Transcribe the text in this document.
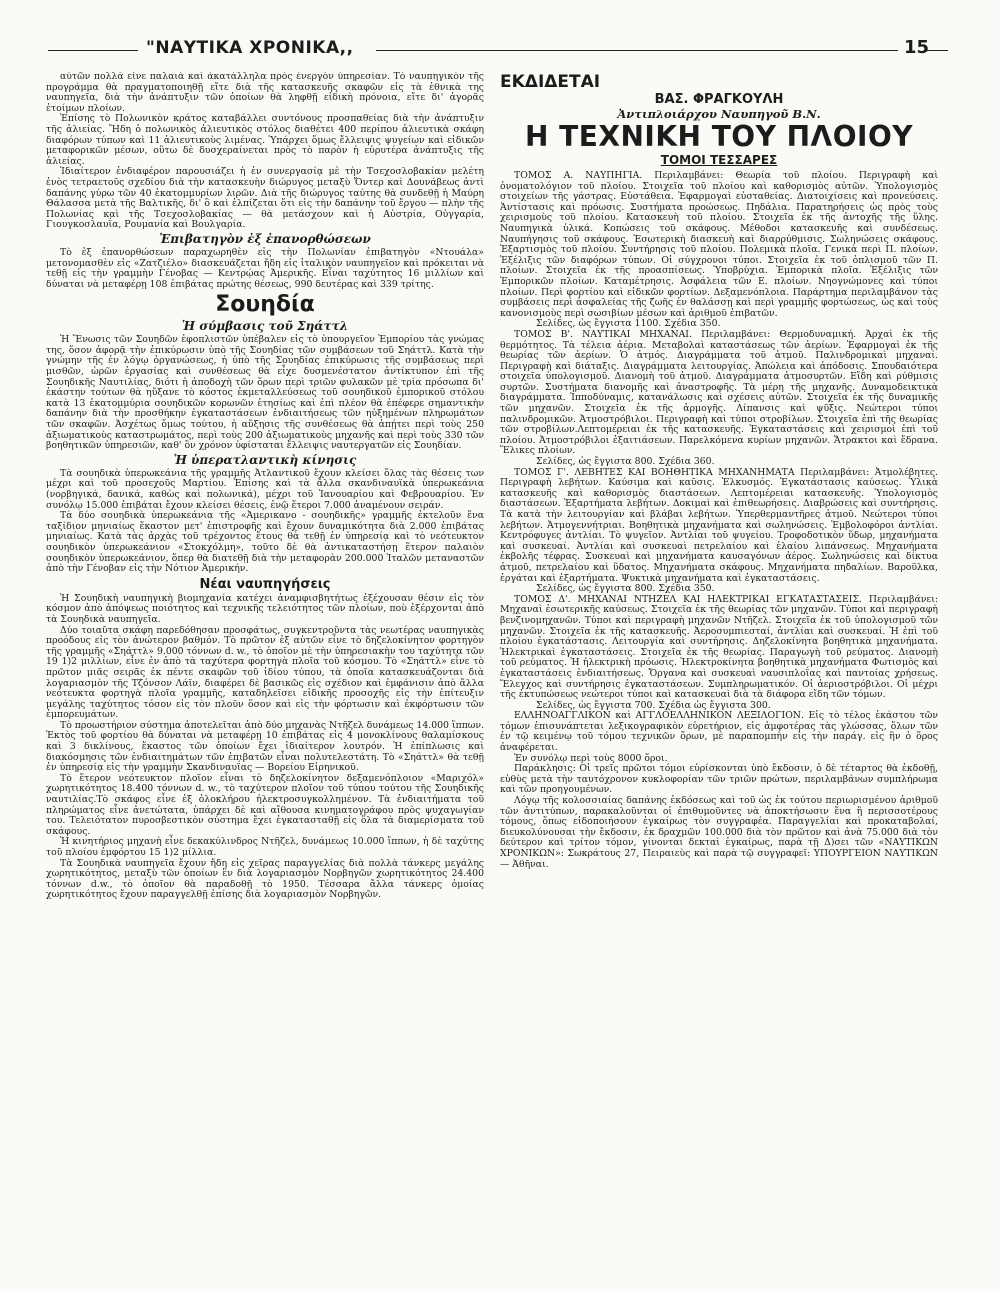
"ΝΑΥΤΙΚΑ ΧΡΟΝΙΚΑ,,	15

αὐτῶν πολλὰ εἶνε παλαιὰ καὶ ἀκατάλληλα πρὸς ἐνεργὸν ὑπηρεσίαν. Τὸ ναυπηγικὸν τῆς προγράμμα θὰ πραγματοποιηθῇ εἴτε διὰ τῆς κατασκευῆς σκαφῶν εἰς τὰ ἐθνικὰ της ναυπηγεῖα, διὰ τὴν ἀνάπτυξιν τῶν ὁποίων θὰ ληφθῇ εἰδικὴ πρόνοια, εἴτε δι' ἀγορᾶς ἑτοίμων πλοίων.

Ἐπίσης τὸ Πολωνικὸν κράτος καταβάλλει συντόνους προσπαθείας διὰ τὴν ἀνάπτυξιν τῆς ἁλιείας. Ἤδη ὁ πολωνικὸς ἁλιευτικὸς στόλος διαθέτει 400 περίπου ἁλιευτικὰ σκάφη διαφόρων τύπων καὶ 11 ἁλιευτικοὺς λιμένας. Ὑπάρχει ὅμως ἔλλειψις ψυγείων καὶ εἰδικῶν μεταφορικῶν μέσων, οὕτω δὲ δυσχεραίνεται πρὸς τὸ παρὸν ἡ εὐρυτέρα ἀνάπτυξις τῆς ἁλιείας.

Ἰδιαίτερον ἐνδιαφέρον παρουσιάζει ἡ ἐν συνεργασίᾳ μὲ τὴν Τσεχοσλοβακίαν μελέτη ἑνὸς τετραετοῦς σχεδίου διὰ τὴν κατασκευὴν διώρυγος μεταξὺ Ὄντερ καὶ Δουνάβεως ἀντὶ δαπάνης γύρω τῶν 40 ἑκατομμυρίων λιρῶν. Διὰ τῆς διώρυγος ταύτης θὰ συνδεθῇ ἡ Μαύρη Θάλασσα μετὰ τῆς Βαλτικῆς, δι' ὃ καὶ ἐλπίζεται ὅτι εἰς τὴν δαπάνην τοῦ ἔργου — πλὴν τῆς Πολωνίας καὶ τῆς Τσεχοσλοβακίας — θὰ μετάσχουν καὶ ἡ Αὐστρία, Οὐγγαρία, Γιουγκοσλαυΐα, Ρουμανία καὶ Βουλγαρία.

Ἐπιβατηγὸν ἐξ ἐπανορθώσεων

Τὸ ἐξ ἐπανορθώσεων παραχωρηθὲν εἰς τὴν Πολωνίαν ἐπιβατηγὸν «Ντουάλα» μετονομασθὲν εἰς «Ζατζιέλο» διασκευάζεται ἤδη εἰς ἰταλικὸν ναυπηγεῖον καὶ πρόκειται νὰ τεθῇ εἰς τὴν γραμμὴν Γένοβας — Κεντρῴας Ἀμερικῆς. Εἶναι ταχύτητος 16 μιλλίων καὶ δύναται νὰ μεταφέρῃ 108 ἐπιβάτας πρώτης θέσεως, 990 δευτέρας καὶ 339 τρίτης.

Σουηδία
Ἡ σύμβασις τοῦ Σηάττλ

Ἡ Ἕνωσις τῶν Σουηδῶν ἐφοπλιστῶν ὑπέβαλεν εἰς τὸ ὑπουργεῖον Ἐμπορίου τὰς γνώμας της, ὅσον ἀφορᾷ τὴν ἐπικύρωσιν ὑπὸ τῆς Σουηδίας τῶν συμβάσεων τοῦ Σηάττλ. Κατὰ τὴν γνώμην τῆς ἐν λόγῳ ὀργανώσεως, ἡ ὑπὸ τῆς Σουηδίας ἐπικύρωσις τῆς συμβάσεως περὶ μισθῶν, ὡρῶν ἐργασίας καὶ συνθέσεως θὰ εἶχε δυσμενέστατον ἀντίκτυπον ἐπὶ τῆς Σουηδικῆς Ναυτιλίας, διότι ἡ ἀποδοχὴ τῶν ὅρων περὶ τριῶν φυλακῶν μὲ τρία πρόσωπα δι' ἑκάστην τούτων θὰ ηὔξανε τὸ κόστος ἐκμεταλλεύσεως τοῦ σουηδικοῦ ἐμπορικοῦ στόλου κατὰ 13 ἑκατομμύρια σουηδικῶν κορωνῶν ἐτησίως καὶ ἐπὶ πλέον θὰ ἐπέφερε σημαντικὴν δαπάνην διὰ τὴν προσθήκην ἐγκαταστάσεων ἐνδιαιτήσεως τῶν ηὐξημένων πληρωμάτων τῶν σκαφῶν. Ἀσχέτως ὅμως τούτου, ἡ αὔξησις τῆς συνθέσεως θὰ ἀπῄτει περὶ τοὺς 250 ἀξιωματικοὺς καταστρωμάτος, περὶ τοὺς 200 ἀξιωματικοὺς μηχανῆς καὶ περὶ τοὺς 330 τῶν βοηθητικῶν ὑπηρεσιῶν, καθ' ὃν χρόνον ὑφίσταται ἔλλειψις ναυτεργατῶν εἰς Σουηδίαν.

Ἡ ὑπερατλαντικὴ κίνησις

Τὰ σουηδικὰ ὑπερωκεάνια τῆς γραμμῆς Ἀτλαντικοῦ ἔχουν κλείσει ὅλας τὰς θέσεις των μέχρι καὶ τοῦ προσεχοῦς Μαρτίου. Ἐπίσης καὶ τὰ ἄλλα σκανδιναυϊκὰ ὑπερωκεάνια (νορβηγικά, δανικά, καθὼς καὶ πολωνικά), μέχρι τοῦ Ἰανουαρίου καὶ Φεβρουαρίου. Ἐν συνόλῳ 15.000 ἐπιβάται ἔχουν κλείσει θέσεις, ἐνῷ ἕτεροι 7.000 ἀναμένουν σειράν.

Τὰ δύο σουηδικὰ ὑπερωκεάνια τῆς «Ἀμερικανο - σουηδικῆς» γραμμῆς ἐκτελοῦν ἕνα ταξίδιον μηνιαίως ἕκαστον μετ' ἐπιστροφῆς καὶ ἔχουν δυναμικότητα διὰ 2.000 ἐπιβάτας μηνιαίως. Κατὰ τὰς ἀρχὰς τοῦ τρέχοντος ἔτους θὰ τεθῇ ἐν ὑπηρεσίᾳ καὶ τὸ νεότευκτον σουηδικὸν ὑπερωκεάνιον «Στοκχόλμη», τοῦτο δὲ θὰ ἀντικαταστήσῃ ἕτερον παλαιὸν σουηδικὸν ὑπερωκεάνιον, ὅπερ θὰ διατεθῇ διὰ τὴν μεταφορὰν 200.000 Ἰταλῶν μεταναστῶν ἀπὸ τὴν Γένοβαν εἰς τὴν Νότιον Ἀμερικήν.

Νέαι ναυπηγήσεις

Ἡ Σουηδικὴ ναυπηγικὴ βιομηχανία κατέχει ἀναμφισβητήτως ἐξέχουσαν θέσιν εἰς τὸν κόσμον ἀπὸ ἀπόψεως ποιότητος καὶ τεχνικῆς τελειότητος τῶν πλοίων, ποὺ ἐξέρχονται ἀπὸ τὰ Σουηδικὰ ναυπηγεῖα.

Δύο τοιαῦτα σκάφη παρεδόθησαν προσφάτως, συγκεντροῦντα τὰς νεωτέρας ναυπηγικὰς προόδους εἰς τὸν ἀνώτερον βαθμόν. Τὸ πρῶτον ἐξ αὐτῶν εἶνε τὸ δηζελοκίνητον φορτηγὸν τῆς γραμμῆς «Σηάττλ» 9.000 τόννων d. w., τὸ ὁποῖον μὲ τὴν ὑπηρεσιακὴν του ταχύτητα τῶν 19 1)2 μιλλίων, εἶνε ἐν ἀπὸ τὰ ταχύτερα φορτηγὰ πλοῖα τοῦ κόσμου. Τὸ «Σηάττλ» εἶνε τὸ πρῶτον μιᾶς σειρᾶς ἐκ πέντε σκαφῶν τοῦ ἰδίου τύπου, τὰ ὁποῖα κατασκευάζονται διὰ λογαριασμὸν τῆς Τζόνσον Λάϊν, διαφέρει δὲ βασικῶς εἰς σχέδιον καὶ ἐμφάνισιν ἀπὸ ἄλλα νεότευκτα φορτηγὰ πλοῖα γραμμῆς, καταδηλεῖσει εἰδικῆς προσοχῆς εἰς τὴν ἐπίτευξιν μεγάλης ταχύτητος τόσον εἰς τὸν πλοῦν ὅσον καὶ εἰς τὴν φόρτωσιν καὶ ἐκφόρτωσιν τῶν ἐμπορευμάτων.

Τὸ προωστήριον σύστημα ἀποτελεῖται ἀπὸ δύο μηχανὰς Ντῆζελ δυνάμεως 14.000 ἵππων. Ἐκτὸς τοῦ φορτίου θὰ δύναται νὰ μεταφέρῃ 10 ἐπιβάτας εἰς 4 μονοκλίνους θαλαμίσκους καὶ 3 δικλίνους, ἕκαστος τῶν ὁποίων ἔχει ἰδιαίτερον λουτρόν. Ἡ ἐπίπλωσις καὶ διακόσμησις τῶν ἐνδιαιτημάτων τῶν ἐπιβατῶν εἶναι πολυτελεστάτη. Τὸ «Σηάττλ» θὰ τεθῇ ἐν ὑπηρεσίᾳ εἰς τὴν γραμμὴν Σκανδιναυΐας — Βορείου Εἰρηνικοῦ.

Τὸ ἕτερον νεότευκτον πλοῖον εἶναι τὸ δηζελοκίνητον δεξαμενόπλοιον «Μαριχόλ» χωρητικότητος 18.400 τόννων d. w., τὸ ταχύτερον πλοῖον τοῦ τύπου τούτου τῆς Σουηδικῆς ναυτιλίας.Τὸ σκάφος εἶνε ἐξ ὁλοκλήρου ἠλεκτροσυγκολλημένον. Τὰ ἐνδιαιτήματα τοῦ πληρώματος εἶνε ἀνετώτατα, ὑπάρχει δὲ καὶ αἴθουσα κινηματογράφου πρὸς ψυχαγωγίαν του. Τελειότατον πυροσβεστικὸν σύστημα ἔχει ἐγκατασταθῇ εἰς ὅλα τὰ διαμερίσματα τοῦ σκάφους.

Ἡ κινητήριος μηχανὴ εἶνε δεκακύλινδρος Ντῆζελ, δυνάμεως 10.000 ἵππων, ἡ δὲ ταχύτης τοῦ πλοίου ἐμφόρτου 15 1)2 μίλλια.

Τὰ Σουηδικὰ ναυπηγεῖα ἔχουν ἤδη εἰς χεῖρας παραγγελίας διὰ πολλὰ τάνκερς μεγάλης χωρητικότητος, μεταξὺ τῶν ὁποίων ἓν διὰ λογαριασμὸν Νορβηγῶν χωρητικότητος 24.400 τόννων d.w., τὸ ὁποῖον θὰ παραδοθῇ τὸ 1950. Τέσσαρα ἄλλα τάνκερς ὁμοίας χωρητικότητος ἔχουν παραγγελθῇ ἐπίσης διὰ λογαριασμὸν Νορβηγῶν.

ΕΚΔΙΔΕΤΑΙ
ΒΑΣ. ΦΡΑΓΚΟΥΛΗ
Ἀντιπλοιάρχου Ναυπηγοῦ Β.Ν.
Η ΤΕΧΝΙΚΗ ΤΟΥ ΠΛΟΙΟΥ
ΤΟΜΟΙ ΤΕΣΣΑΡΕΣ

ΤΟΜΟΣ Α. ΝΑΥΠΗΓΙΑ. Περιλαμβάνει: Θεωρία τοῦ πλοίου. Περιγραφὴ καὶ ὀνοματολόγιον τοῦ πλοίου. Στοιχεῖα τοῦ πλοίου καὶ καθορισμὸς αὐτῶν. Ὑπολογισμὸς στοιχείων τῆς γάστρας. Εὐστάθεια. Ἐφαρμογαὶ εὐσταθείας. Διατοιχίσεις καὶ προνεύσεις. Ἀντίστασις καὶ πρόωσις. Συστήματα προώσεως. Πηδάλια. Παρατηρήσεις ὡς πρὸς τοὺς χειρισμοὺς τοῦ πλοίου. Κατασκευὴ τοῦ πλοίου. Στοιχεῖα ἐκ τῆς ἀντοχῆς τῆς ὕλης. Ναυπηγικὰ ὑλικά. Κοπώσεις τοῦ σκάφους. Μέθοδοι κατασκευῆς καὶ συνδέσεως. Ναυπήγησις τοῦ σκάφους. Ἐσωτερικὴ διασκευὴ καὶ διαρρύθμισις. Σωληνώσεις σκάφους. Ἐξαρτισμὸς τοῦ πλοίου. Συντήρησις τοῦ πλοίου. Πολεμικὰ πλοῖα. Γενικὰ περὶ Π. πλοίων. Ἐξέλιξις τῶν διαφόρων τύπων. Οἱ σύγχρονοι τύποι. Στοιχεῖα ἐκ τοῦ ὁπλισμοῦ τῶν Π. πλοίων. Στοιχεῖα ἐκ τῆς προασπίσεως. Ὑποβρύχια. Ἐμπορικὰ πλοῖα. Ἐξέλιξις τῶν Ἐμπορικῶν πλοίων. Καταμέτρησις. Ἀσφάλεια τῶν Ε. πλοίων. Νηογνώμονες καὶ τύποι πλοίων. Περὶ φορτίου καὶ εἰδικῶν φορτίων. Δεξαμενόπλοια. Παράρτημα περιλαμβάνον τὰς συμβάσεις περὶ ἀσφαλείας τῆς ζωῆς ἐν θαλάσσῃ καὶ περὶ γραμμῆς φορτώσεως, ὡς καὶ τοὺς κανονισμοὺς περὶ σωσιβίων μέσων καὶ ἀριθμοῦ ἐπιβατῶν.

Σελίδες, ὡς ἔγγιστα 1100. Σχέδια 350.

ΤΟΜΟΣ Β'. ΝΑΥΤΙΚΑΙ ΜΗΧΑΝΑΙ. Περιλαμβάνει: Θερμοδυναμική. Ἀρχαὶ ἐκ τῆς θερμότητος. Τὰ τέλεια ἀέρια. Μεταβολαὶ καταστάσεως τῶν ἀερίων. Ἐφαρμογαὶ ἐκ τῆς θεωρίας τῶν ἀερίων. Ὁ ἀτμός. Διαγράμματα τοῦ ἀτμοῦ. Παλινδρομικαὶ μηχαναί. Περιγραφὴ καὶ διάταξις. Διαγράμματα λειτουργίας. Ἀπώλεια καὶ ἀπόδοσις. Σπουδαιότερα στοιχεῖα ὑπολογισμοῦ. Διανομὴ τοῦ ἀτμοῦ. Διαγράμματα ἀτμοσυρτῶν. Εἴδη καὶ ρύθμισις συρτῶν. Συστήματα διανομῆς καὶ ἀναστροφῆς. Τὰ μέρη τῆς μηχανῆς. Δυναμοδεικτικὰ διαγράμματα. Ἱπποδύναμις, κατανάλωσις καὶ σχέσεις αὐτῶν. Στοιχεῖα ἐκ τῆς δυναμικῆς τῶν μηχανῶν. Στοιχεῖα ἐκ τῆς ἁρμογῆς. Λίπανσις καὶ ψῦξις. Νεώτεροι τύποι παλινδρομικῶν. Ἀτμοστρόβιλοι. Περιγραφὴ καὶ τύποι στροβίλων. Στοιχεῖα ἐπὶ τῆς θεωρίας τῶν στροβίλων.Λεπτομέρειαι ἐκ τῆς κατασκευῆς. Ἐγκαταστάσεις καὶ χειρισμοὶ ἐπὶ τοῦ πλοίου. Ἀτμοστρόβιλοι ἐξαιτιάσεων. Παρελκόμενα κυρίων μηχανῶν. Ἄτρακτοι καὶ ἕδρανα. Ἕλικες πλοίων.

Σελίδες, ὡς ἔγγιστα 800. Σχέδια 360.

ΤΟΜΟΣ Γ'. ΛΕΒΗΤΕΣ ΚΑΙ ΒΟΗΘΗΤΙΚΑ ΜΗΧΑΝΗΜΑΤΑ Περιλαμβάνει: Ἀτμολέβητες. Περιγραφὴ λεβήτων. Καύσιμα καὶ καῦσις. Ἑλκυσμός. Ἐγκατάστασις καύσεως. Ὑλικὰ κατασκευῆς καὶ καθορισμὸς διαστάσεων. Λεπτομέρειαι κατασκευῆς. Ὑπολογισμὸς διαστάσεων. Ἐξαρτήματα λεβήτων. Δοκιμαὶ καὶ ἐπιθεωρήσεις. Διαβρώσεις καὶ συντήρησις. Τὰ κατὰ τὴν λειτουργίαν καὶ βλάβαι λεβήτων. Ὑπερθερμαντῆρες ἀτμοῦ. Νεώτεροι τύποι λεβήτων. Ἀτμογεννήτριαι. Βοηθητικὰ μηχανήματα καὶ σωληνώσεις. Ἐμβολοφόροι ἀντλίαι. Κεντρόφυγες ἀντλίαι. Τὸ ψυγεῖον. Ἀντλίαι τοῦ ψυγείου. Τροφοδοτικὸν ὕδωρ, μηχανήματα καὶ συσκευαί. Ἀντλίαι καὶ συσκευαὶ πετρελαίου καὶ ἐλαίου λιπάνσεως. Μηχανήματα ἐκβολῆς τέφρας. Συσκευαὶ καὶ μηχανήματα καυσαγόνων ἀέρος. Σωληνώσεις καὶ δίκτυα ἀτμοῦ, πετρελαίου καὶ ὕδατος. Μηχανήματα σκάφους. Μηχανήματα πηδαλίων. Βαροῦλκα, ἐργάται καὶ ἐξαρτήματα. Ψυκτικὰ μηχανήματα καὶ ἐγκαταστάσεις.

Σελίδες, ὡς ἔγγιστα 800. Σχέδια 350.

ΤΟΜΟΣ Δ'. ΜΗΧΑΝΑΙ ΝΤΗΖΕΛ ΚΑΙ ΗΛΕΚΤΡΙΚΑΙ ΕΓΚΑΤΑΣΤΑΣΕΙΣ. Περιλαμβάνει: Μηχαναὶ ἐσωτερικῆς καύσεως. Στοιχεῖα ἐκ τῆς θεωρίας τῶν μηχανῶν. Τύποι καὶ περιγραφὴ βενζινομηχανῶν. Τύποι καὶ περιγραφὴ μηχανῶν Ντῆζελ. Στοιχεῖα ἐκ τοῦ ὑπολογισμοῦ τῶν μηχανῶν. Στοιχεῖα ἐκ τῆς κατασκευῆς. Ἀεροσυμπιεσταί, ἀντλίαι καὶ συσκευαί. Ἡ ἐπὶ τοῦ πλοίου ἐγκατάστασις. Λειτουργία καὶ συντήρησις. Δηζελοκίνητα βοηθητικὰ μηχανήματα. Ἠλεκτρικαὶ ἐγκαταστάσεις. Στοιχεῖα ἐκ τῆς θεωρίας. Παραγωγὴ τοῦ ρεύματος. Διανομὴ τοῦ ρεύματος. Ἡ ἠλεκτρικὴ πρόωσις. Ἠλεκτροκίνητα βοηθητικὰ μηχανήματα Φωτισμὸς καὶ ἐγκαταστάσεις ἐνδιαιτήσεως. Ὄργανα καὶ συσκευαὶ ναυσιπλοΐας καὶ παντοίας χρήσεως. Ἔλεγχος καὶ συντήρησις ἐγκαταστάσεων. Συμπληρωματικόν. Οἱ ἀεριοστρόβιλοι. Οἱ μέχρι τῆς ἐκτυπώσεως νεώτεροι τύποι καὶ κατασκευαὶ διὰ τὰ διάφορα εἴδη τῶν τόμων.

Σελίδες, ὡς ἔγγιστα 700. Σχέδια ὡς ἔγγιστα 300.

ΕΛΛΗΝΟΑΓΓΛΙΚΟΝ καὶ ΑΓΓΛΟΕΛΛΗΝΙΚΟΝ ΛΕΞΙΛΟΓΙΟΝ. Εἰς τὸ τέλος ἑκάστου τῶν τόμων ἐπισυνάπτεται λεξικογραφικὸν εὑρετήριον, εἰς ἀμφοτέρας τὰς γλώσσας, ὅλων τῶν ἐν τῷ κειμένῳ τοῦ τόμου τεχνικῶν ὅρων, μὲ παραπομπὴν εἰς τὴν παράγ. εἰς ἣν ὁ ὅρος ἀναφέρεται.

Ἐν συνόλῳ περὶ τοὺς 8000 ὅροι.

Παράκλησις: Οἱ τρεῖς πρῶτοι τόμοι εὑρίσκονται ὑπὸ ἔκδοσιν, ὁ δὲ τέταρτος θὰ ἐκδοθῇ, εὐθὺς μετὰ τὴν ταυτόχρονον κυκλοφορίαν τῶν τριῶν πρώτων, περιλαμβάνων συμπλήρωμα καὶ τῶν προηγουμένων.

Λόγῳ τῆς κολοσσιαίας δαπάνης ἐκδόσεως καὶ τοῦ ὡς ἐκ τούτου περιωρισμένου ἀριθμοῦ τῶν ἀντιτύπων, παρακαλοῦνται οἱ ἐπιθυμοῦντες νὰ ἀποκτήσωσιν ἕνα ἢ περισσοτέρους τόμους, ὅπως εἰδοποιήσουν ἐγκαίρως τὸν συγγραφέα. Παραγγελίαι καὶ προκαταβολαί, διευκολύνουσαι τὴν ἔκδοσιν, ἐκ δραχμῶν 100.000 διὰ τὸν πρῶτον καὶ ἀνὰ 75.000 διὰ τὸν δεύτερον καὶ τρίτον τόμον, γίνονται δεκταὶ ἐγκαίρως, παρὰ τῇ Δ)σει τῶν «ΝΑΥΤΙΚΩΝ ΧΡΟΝΙΚΩΝ»: Σωκράτους 27, Πειραιεὺς καὶ παρὰ τῷ συγγραφεῖ: ΥΠΟΥΡΓΕΙΟΝ ΝΑΥΤΙΚΩΝ — Ἀθῆναι.
